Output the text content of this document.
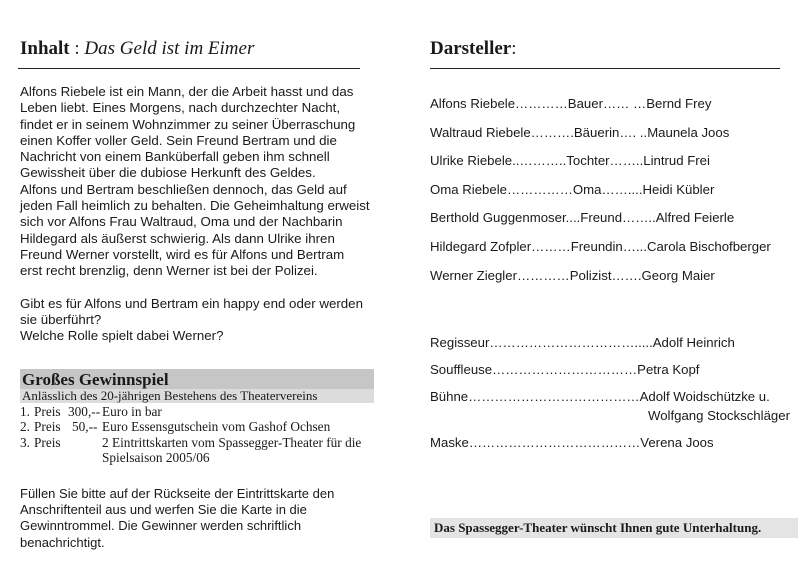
Inhalt : Das Geld ist im Eimer

Alfons Riebele ist ein Mann, der die Arbeit hasst und das Leben liebt. Eines Morgens, nach durchzechter Nacht, findet er in seinem Wohnzimmer zu seiner Überraschung einen Koffer voller Geld. Sein Freund Bertram und die Nachricht von einem Banküberfall geben ihm schnell Gewissheit über die dubiose Herkunft des Geldes.

Alfons und Bertram beschließen dennoch, das Geld auf jeden Fall heimlich zu behalten. Die Geheimhaltung erweist sich vor Alfons Frau Waltraud, Oma und der Nachbarin Hildegard als äußerst schwierig. Als dann Ulrike ihren Freund Werner vorstellt, wird es für Alfons und Bertram erst recht brenzlig, denn Werner ist bei der Polizei.

Gibt es für Alfons und Bertram ein happy end oder werden sie überführt?

Welche Rolle spielt dabei Werner?

Großes Gewinnspiel
Anlässlich des 20-jährigen Bestehens des Theatervereins
1. Preis 300,-- Euro in bar
2. Preis 50,-- Euro Essensgutschein vom Gashof Ochsen
3. Preis	2 Eintrittskarten vom Spassegger-Theater für die
Spielsaison 2005/06
Füllen Sie bitte auf der Rückseite der Eintrittskarte den Anschriftenteil aus und werfen Sie die Karte in die Gewinntrommel. Die Gewinner werden schriftlich benachrichtigt.
Darsteller:
Alfons Riebele…………Bauer…… …Bernd Frey
Waltraud Riebele……….Bäuerin…. ..Maunela Joos
Ulrike Riebele..………..Tochter……..Lintrud Frei
Oma Riebele……………Oma……....Heidi Kübler
Berthold Guggenmoser....Freund……..Alfred Feierle
Hildegard Zofpler………Freundin…...Carola Bischofberger
Werner Ziegler…………Polizist…….Georg Maier
Regisseur…………………………….....Adolf Heinrich
Souffleuse……………………………Petra Kopf
Bühne…………………………………Adolf Woidschützke u.
Wolfgang Stockschläger
Maske…………………………………Verena Joos
Das Spassegger-Theater wünscht Ihnen gute Unterhaltung.
